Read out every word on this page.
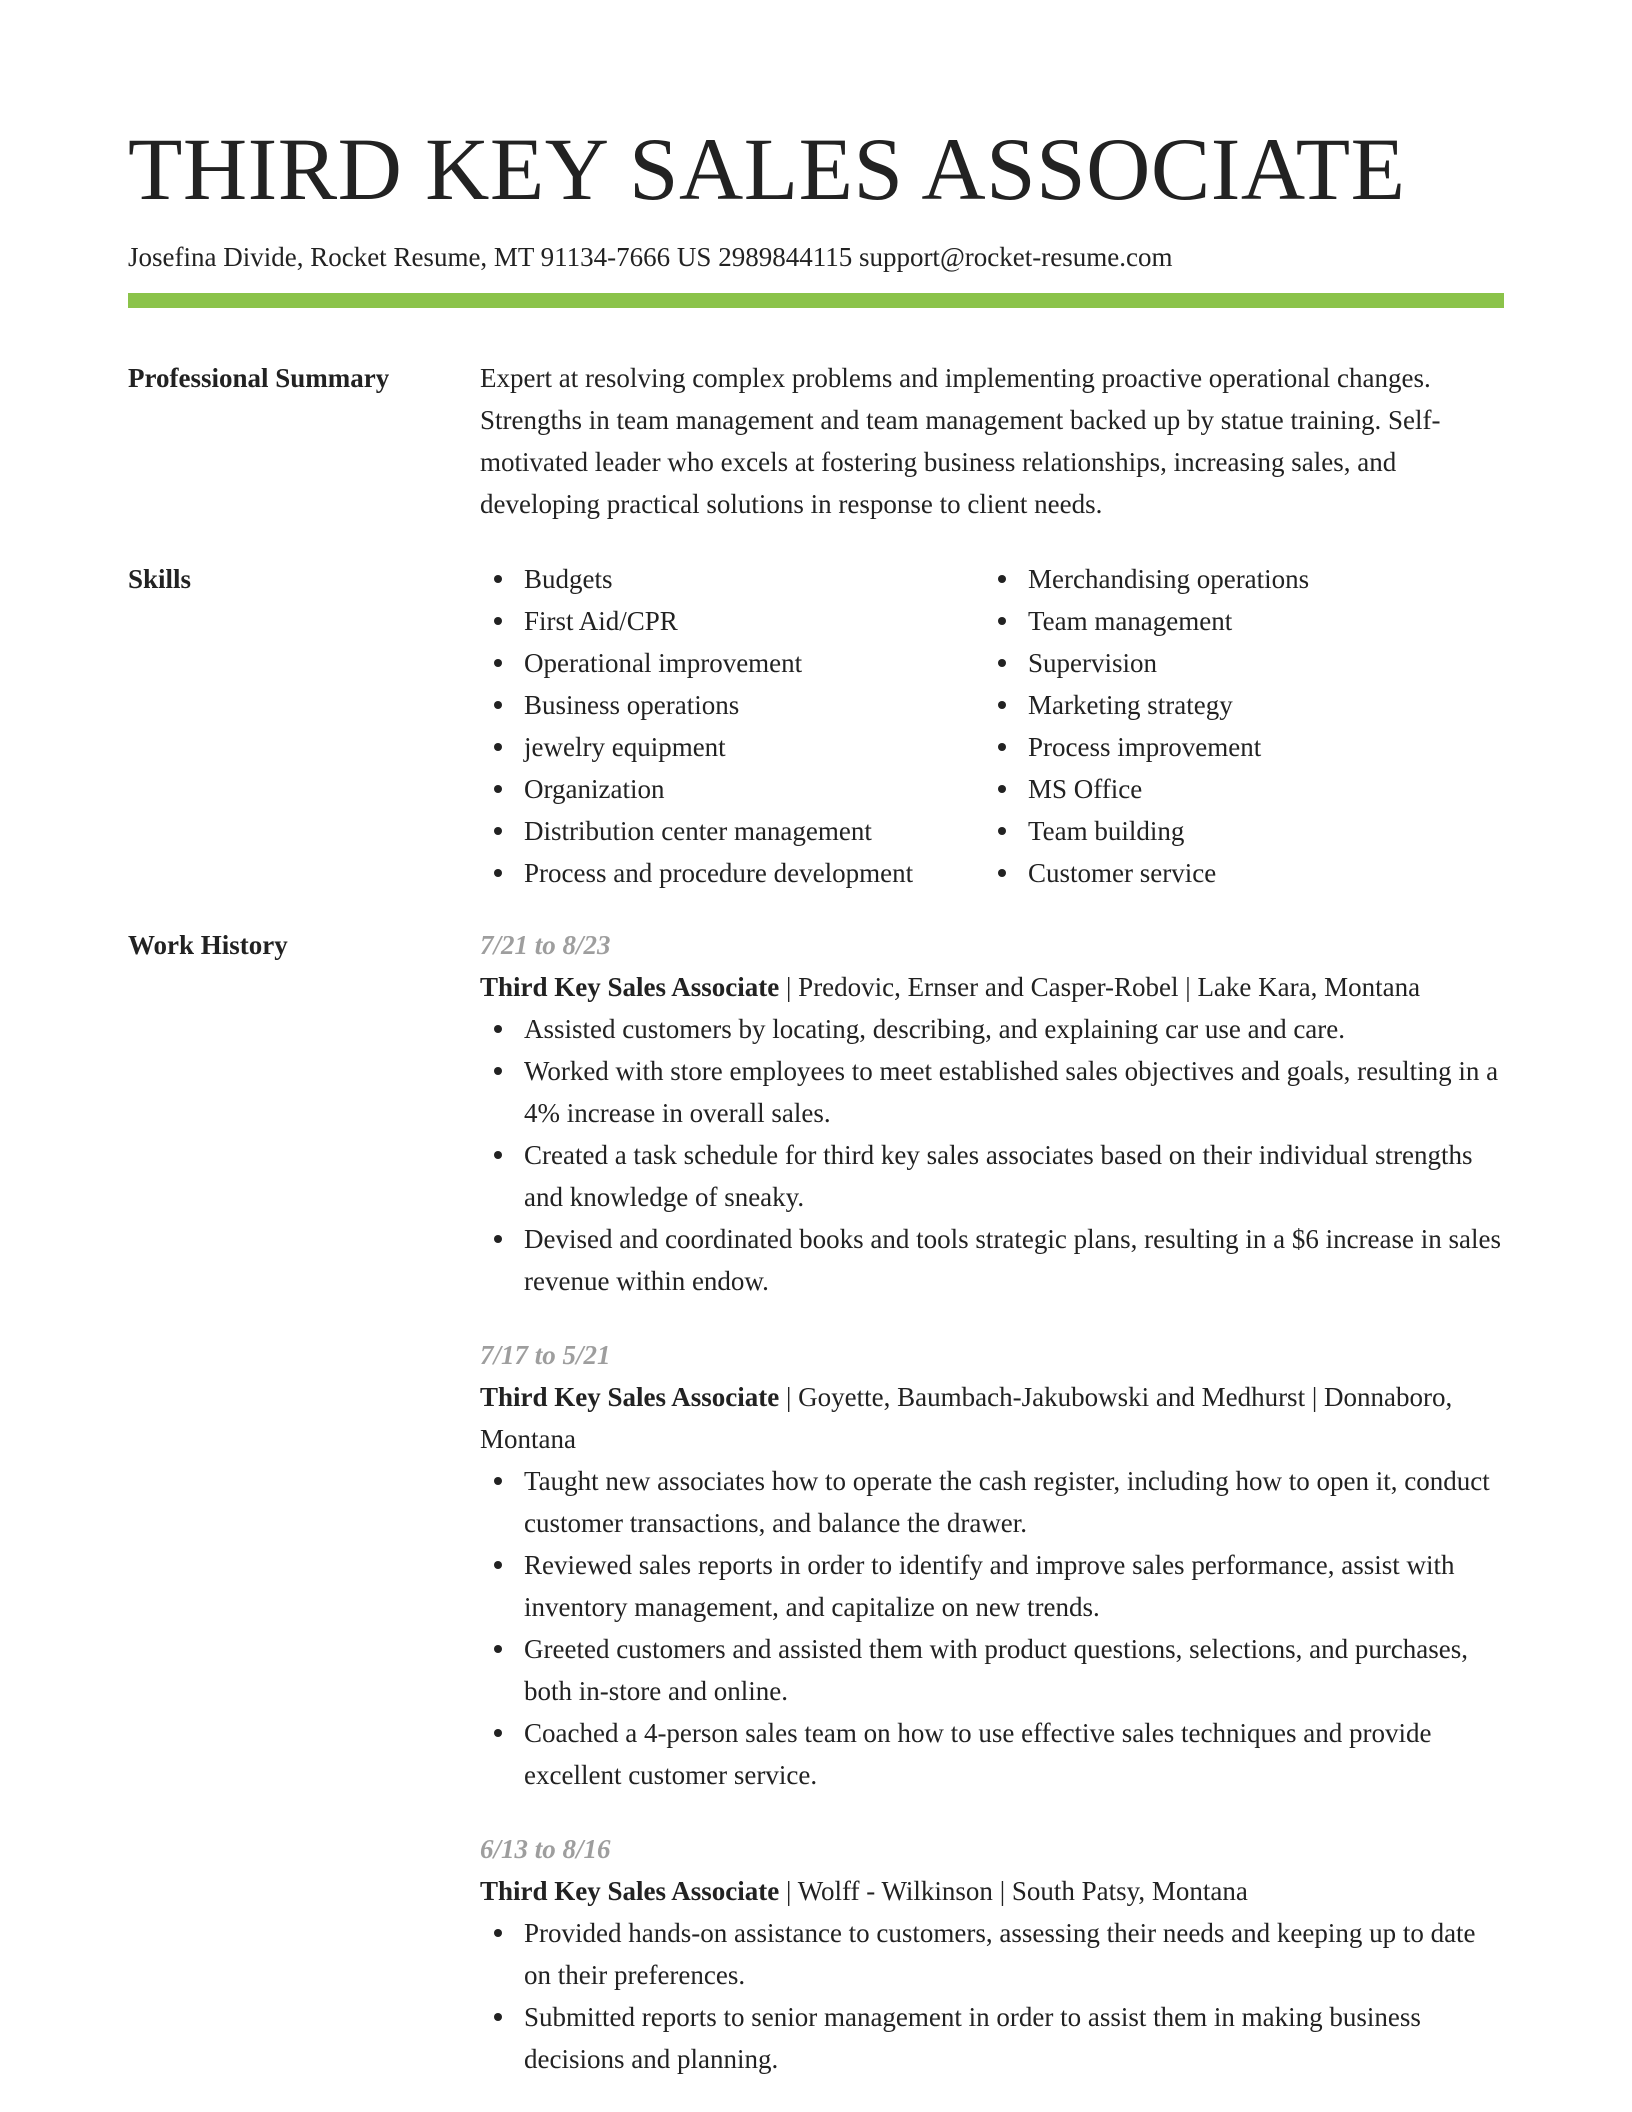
THIRD KEY SALES ASSOCIATE
Josefina Divide, Rocket Resume, MT 91134-7666 US 2989844115 support@rocket-resume.com
Professional Summary	Expert at resolving complex problems and implementing proactive operational changes. Strengths in team management and team management backed up by statue training. Self-motivated leader who excels at fostering business relationships, increasing sales, and developing practical solutions in response to client needs.

Skills	Budgets
First Aid/CPR
Operational improvement
Business operations
jewelry equipment
Organization
Distribution center management
Process and procedure development
Merchandising operations
Team management
Supervision
Marketing strategy
Process improvement
MS Office
Team building
Customer service
Work History	7/21 to 8/23
Third Key Sales Associate | Predovic, Ernser and Casper-Robel | Lake Kara, Montana
Assisted customers by locating, describing, and explaining car use and care.
Worked with store employees to meet established sales objectives and goals, resulting in a 4% increase in overall sales.
Created a task schedule for third key sales associates based on their individual strengths and knowledge of sneaky.
Devised and coordinated books and tools strategic plans, resulting in a $6 increase in sales revenue within endow.
7/17 to 5/21
Third Key Sales Associate | Goyette, Baumbach-Jakubowski and Medhurst | Donnaboro, Montana
Taught new associates how to operate the cash register, including how to open it, conduct customer transactions, and balance the drawer.
Reviewed sales reports in order to identify and improve sales performance, assist with inventory management, and capitalize on new trends.
Greeted customers and assisted them with product questions, selections, and purchases, both in-store and online.
Coached a 4-person sales team on how to use effective sales techniques and provide excellent customer service.
6/13 to 8/16
Third Key Sales Associate | Wolff - Wilkinson | South Patsy, Montana
Provided hands-on assistance to customers, assessing their needs and keeping up to date on their preferences.
Submitted reports to senior management in order to assist them in making business decisions and planning.
